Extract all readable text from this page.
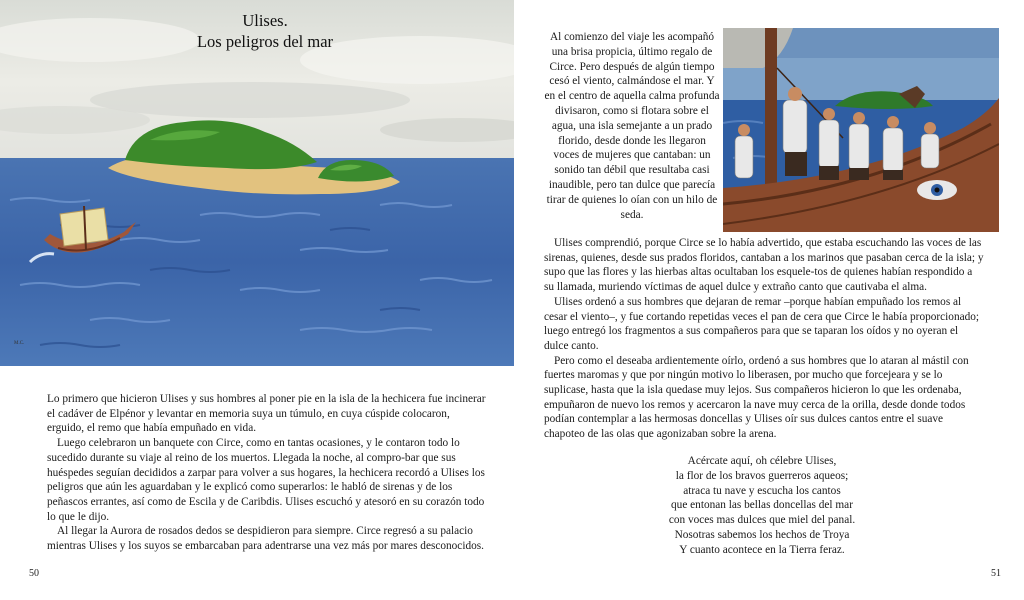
Ulises.
Los peligros del mar
M.C.

Lo primero que hicieron Ulises y sus hombres al poner pie en la isla de la hechicera fue incinerar el cadáver de Elpénor y levantar en memoria suya un túmulo, en cuya cúspide colocaron, erguido, el remo que había empuñado en vida.

Luego celebraron un banquete con Circe, como en tantas ocasiones, y le contaron todo lo sucedido durante su viaje al reino de los muertos. Llegada la noche, al compro-bar que sus huéspedes seguían decididos a zarpar para volver a sus hogares, la hechicera recordó a Ulises los peligros que aún les aguardaban y le explicó como superarlos: le habló de sirenas y de los peñascos errantes, así como de Escila y de Caribdis. Ulises escuchó y atesoró en su corazón todo lo que le dijo.

Al llegar la Aurora de rosados dedos se despidieron para siempre. Circe regresó a su palacio mientras Ulises y los suyos se embarcaban para adentrarse una vez más por mares desconocidos.

50
Al comienzo del viaje les acompañó una brisa propicia, último regalo de Circe. Pero después de algún tiempo cesó el viento, calmándose el mar. Y en el centro de aquella calma profunda divisaron, como si flotara sobre el agua, una isla semejante a un prado florido, desde donde les llegaron voces de mujeres que cantaban: un sonido tan débil que resultaba casi inaudible, pero tan dulce que parecía tirar de quienes lo oían con un hilo de seda.

Ulises comprendió, porque Circe se lo había advertido, que estaba escuchando las voces de las sirenas, quienes, desde sus prados floridos, cantaban a los marinos que pasaban cerca de la isla; y supo que las flores y las hierbas altas ocultaban los esquele-tos de quienes habían respondido a su llamada, muriendo víctimas de aquel dulce y extraño canto que cautivaba el alma.

Ulises ordenó a sus hombres que dejaran de remar –porque habían empuñado los remos al cesar el viento–, y fue cortando repetidas veces el pan de cera que Circe le había proporcionado; luego entregó los fragmentos a sus compañeros para que se taparan los oídos y no oyeran el dulce canto.

Pero como el deseaba ardientemente oírlo, ordenó a sus hombres que lo ataran al mástil con fuertes maromas y que por ningún motivo lo liberasen, por mucho que forcejeara y se lo suplicase, hasta que la isla quedase muy lejos. Sus compañeros hicieron lo que les ordenaba, empuñaron de nuevo los remos y acercaron la nave muy cerca de la orilla, desde donde todos podían contemplar a las hermosas doncellas y Ulises oír sus dulces cantos entre el suave chapoteo de las olas que agonizaban sobre la arena.

Acércate aquí, oh célebre Ulises,
la flor de los bravos guerreros aqueos;
atraca tu nave y escucha los cantos
que entonan las bellas doncellas del mar
con voces mas dulces que miel del panal.
Nosotras sabemos los hechos de Troya
Y cuanto acontece en la Tierra feraz.
51
